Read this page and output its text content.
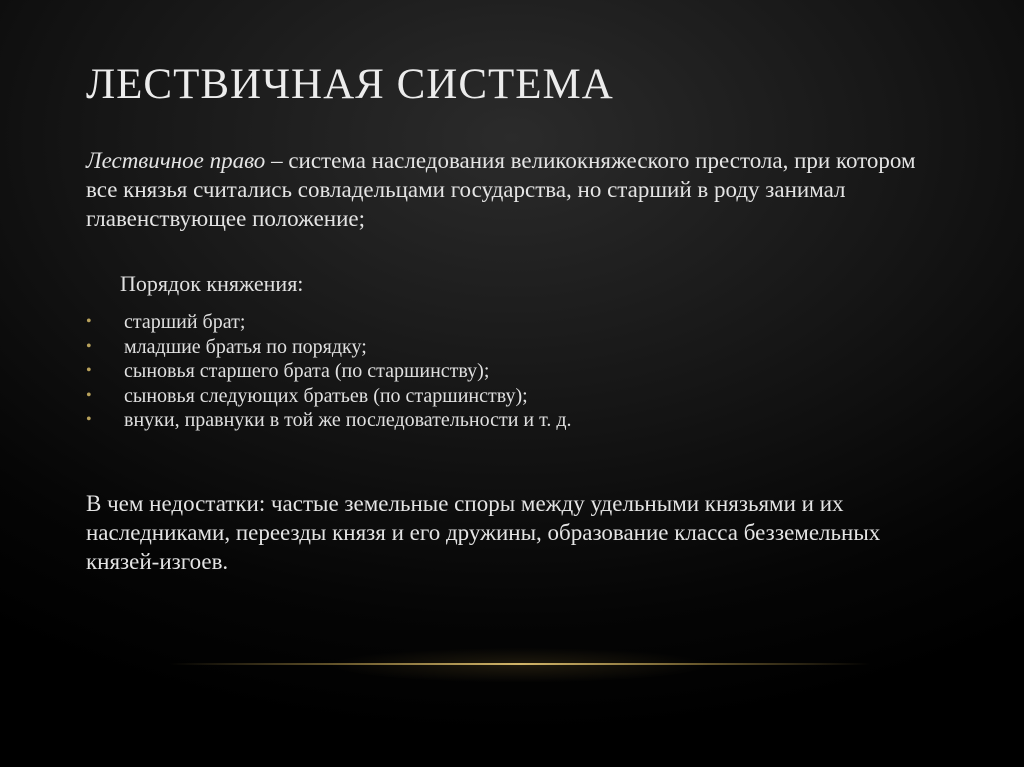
ЛЕСТВИЧНАЯ СИСТЕМА

Лествичное право – система наследования великокняжеского престола, при котором все князья считались совладельцами государства, но старший в роду занимал главенствующее положение;

Порядок княжения:

• старший брат;
• младшие братья по порядку;
• сыновья старшего брата (по старшинству);
• сыновья следующих братьев (по старшинству);
• внуки, правнуки в той же последовательности и т. д.

В чем недостатки: частые земельные споры между удельными князьями и их наследниками, переезды князя и его дружины, образование класса безземельных князей-изгоев.
